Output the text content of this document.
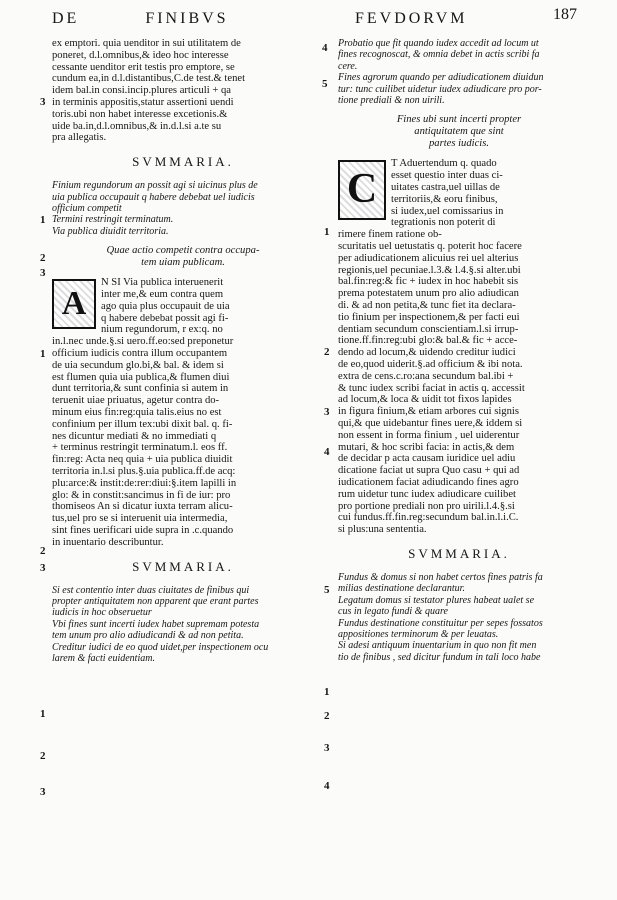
DE	FINIBVS	FEVDORVM	187
ex emptori. quia uenditor in sui utilitatem de
poneret, d.l.omnibus,& ideo hoc interesse
cessante uenditor erit testis pro emptore, se
cundum ea,in d.l.distantibus,C.de test.& tenet
idem bal.in consi.incip.plures articuli + qa
in terminis appositis,statur assertioni uendi
toris.ubi non habet interesse excetionis.&
uide ba.in,d.l.omnibus,& in.d.l.si a.te su
pra allegatis.
SVMMARIA.
Finium regundorum an possit agi si uicinus plus de
uia publica occupauit q habere debebat uel iudicis
officium competit
Termini restringit terminatum.
Via publica diuidit territoria.
Quae actio competit contra occupa-
tem uiam publicam.
A
N SI Via publica interuenerit
inter me,& eum contra quem
ago quia plus occupauit de uia
q habere debebat possit agi fi-
nium regundorum, r ex:q. no
in.l.nec unde.§.si uero.ff.eo:sed preponetur
officium iudicis contra illum occupantem
de uia secundum glo.bi,& bal. & idem si
est flumen quia uia publica,& flumen diui
dunt territoria,& sunt confinia si autem in
teruenit uiae priuatus, agetur contra do-
minum eius fin:reg:quia talis.eius no est
confinium per illum tex:ubi dixit bal. q. fi-
nes dicuntur mediati & no immediati q
+ terminus restringit terminatum.l. eos ff.
fin:reg: Acta neq quia + uia publica diuidit
territoria in.l.si plus.§.uia publica.ff.de acq:
plu:arce:& instit:de:rer:diui:§.item lapilli in
glo: & in constit:sancimus in fi de iur: pro
thomiseos An si dicatur iuxta terram alicu-
tus,uel pro se si interuenit uia intermedia,
sint fines uerificari uide supra in .c.quando
in inuentario describuntur.
SVMMARIA.
Si est contentio inter duas ciuitates de finibus qui
propter antiquitatem non apparent que erant partes
iudicis in hoc obseruetur
Vbi fines sunt incerti iudex habet supremam potesta
tem unum pro alio adiudicandi & ad non petita.
Creditur iudici de eo quod uidet,per inspectionem ocu
larem & facti euidentiam.
Probatio que fit quando iudex accedit ad locum ut
fines recognoscat, & omnia debet in actis scribi fa
cere.
Fines agrorum quando per adiudicationem diuidun
tur: tunc cuilibet uidetur iudex adiudicare pro por-
tione prediali & non uirili.
Fines ubi sunt incerti propter
antiquitatem que sint
partes iudicis.
C
T Aduertendum q. quado
esset questio inter duas ci-
uitates castra,uel uillas de
territoriis,& eoru finibus,
si iudex,uel comissarius in
tegrationis non poterit di
rimere finem ratione ob-
scuritatis uel uetustatis q. poterit hoc facere
per adiudicationem alicuius rei uel alterius
regionis,uel pecuniae.l.3.& l.4.§.si alter.ubi
bal.fin:reg:& fic + iudex in hoc habebit sis
prema potestatem unum pro alio adiudican
di. & ad non petita,& tunc fiet ita declara-
tio finium per inspectionem,& per facti eui
dentiam secundum conscientiam.l.si irrup-
tione.ff.fin:reg:ubi glo:& bal.& fic + acce-
dendo ad locum,& uidendo creditur iudici
de eo,quod uiderit.§.ad officium & ibi nota.
extra de cens.c.ro:ana secundum bal.ibi +
& tunc iudex scribi faciat in actis q. accessit
ad locum,& loca & uidit tot fixos lapides
in figura finium,& etiam arbores cui signis
qui,& que uidebantur fines uere,& iddem si
non essent in forma finium , uel uiderentur
mutari, & hoc scribi facia: in actis,& dem
de decidar p acta causam iuridice uel adiu
dicatione faciat ut supra Quo casu + qui ad
iudicationem faciat adiudicando fines agro
rum uidetur tunc iudex adiudicare cuilibet
pro portione prediali non pro uirili.l.4.§.si
cui fundus.ff.fin.reg:secundum bal.in.l.i.C.
si plus:una sententia.
SVMMARIA.
Fundus & domus si non habet certos fines patris fa
milias destinatione declarantur.
Legatum domus si testator plures habeat ualet se
cus in legato fundi & quare
Fundus destinatione constituitur per sepes fossatos
appositiones terminorum & per leuatas.
Si adesi antiquum inuentarium in quo non fit men
tio de finibus , sed dicitur fundum in tali loco habe
4
5
3
1
2
3
1
2
3
1
2
3
1
2
3
4
5
1
2
3
4
